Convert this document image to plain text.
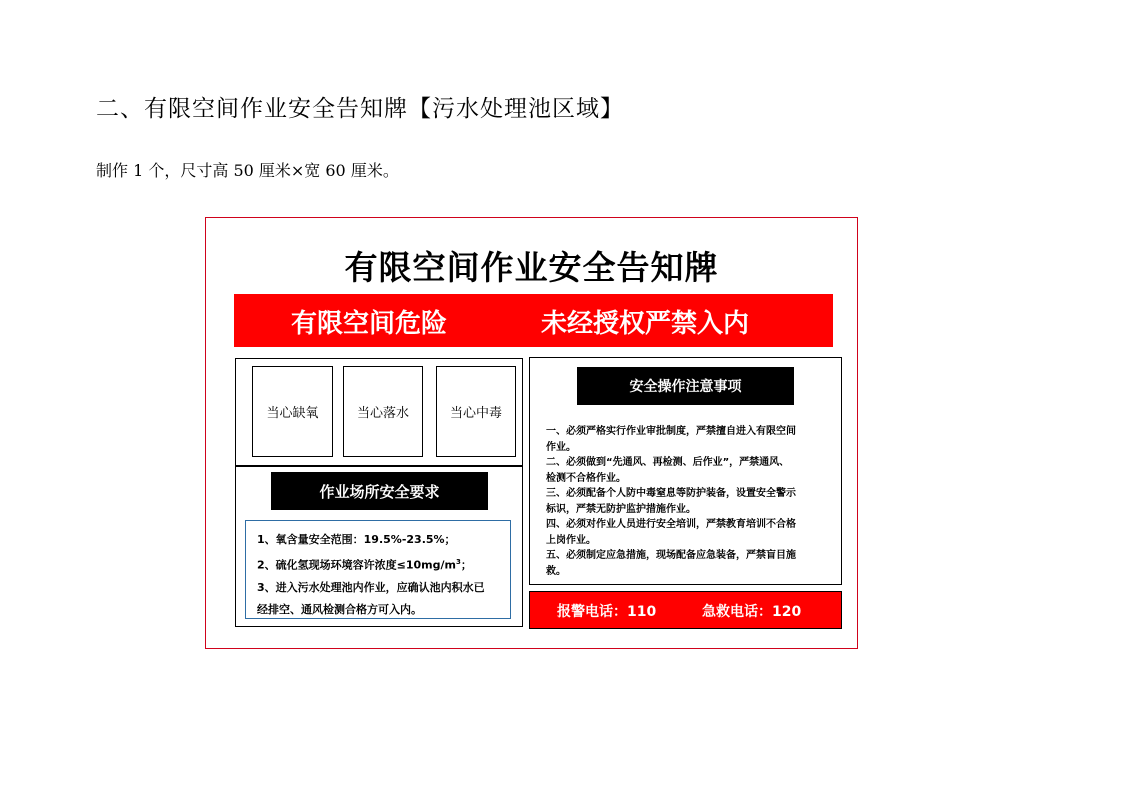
二、有限空间作业安全告知牌【污水处理池区域】
制作 1 个，尺寸高 50 厘米×宽 60 厘米。
有限空间作业安全告知牌
有限空间危险	未经授权严禁入内
当心缺氧	当心落水	当心中毒
作业场所安全要求
1、氧含量安全范围：19.5%-23.5%；
2、硫化氢现场环境容许浓度$\le 10mg/m^3$；
3、进入污水处理池内作业，应确认池内积水已
经排空、通风检测合格方可入内。
安全操作注意事项
一、必须严格实行作业审批制度，严禁擅自进入有限空间
作业。
二、必须做到“先通风、再检测、后作业”，严禁通风、
检测不合格作业。
三、必须配备个人防中毒窒息等防护装备，设置安全警示
标识，严禁无防护监护措施作业。
四、必须对作业人员进行安全培训，严禁教育培训不合格
上岗作业。
五、必须制定应急措施，现场配备应急装备，严禁盲目施
救。
报警电话：110	急救电话：120
